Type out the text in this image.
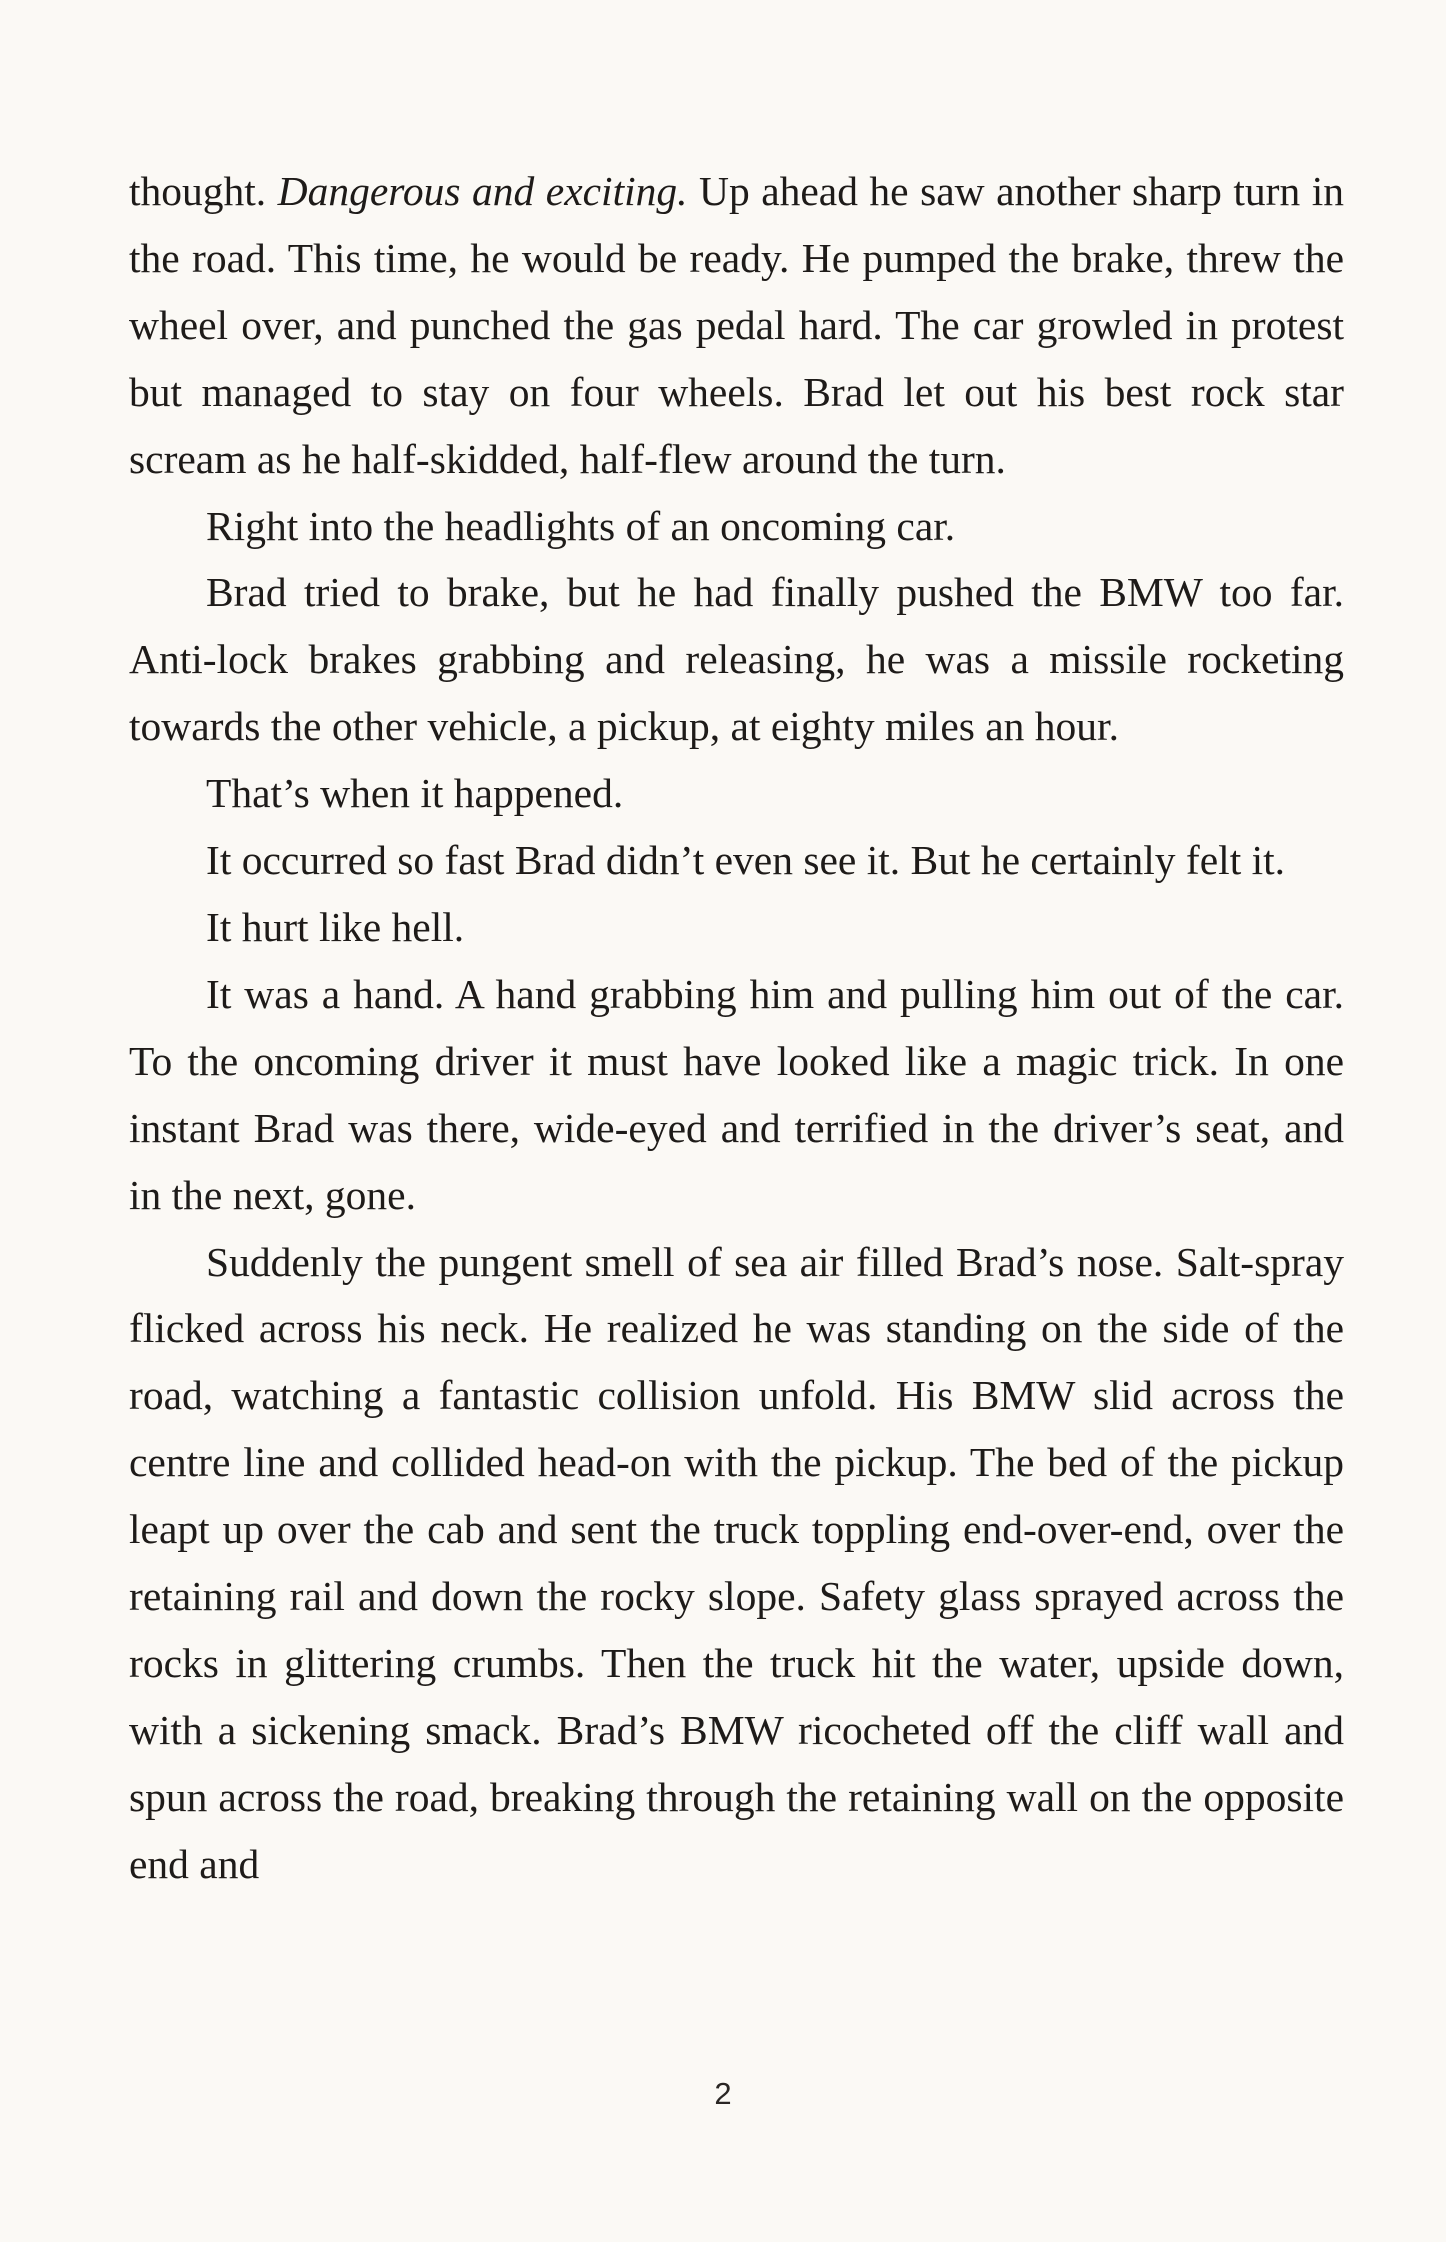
thought. Dangerous and exciting. Up ahead he saw another sharp turn in the road. This time, he would be ready. He pumped the brake, threw the wheel over, and punched the gas pedal hard. The car growled in protest but managed to stay on four wheels. Brad let out his best rock star scream as he half-skidded, half-flew around the turn.

Right into the headlights of an oncoming car.

Brad tried to brake, but he had finally pushed the BMW too far. Anti-lock brakes grabbing and releasing, he was a missile rocketing towards the other vehicle, a pickup, at eighty miles an hour.

That’s when it happened.

It occurred so fast Brad didn’t even see it. But he certainly felt it.

It hurt like hell.

It was a hand. A hand grabbing him and pulling him out of the car. To the oncoming driver it must have looked like a magic trick. In one instant Brad was there, wide-eyed and terrified in the driver’s seat, and in the next, gone.

Suddenly the pungent smell of sea air filled Brad’s nose. Salt-spray flicked across his neck. He realized he was standing on the side of the road, watching a fantastic collision unfold. His BMW slid across the centre line and collided head-on with the pickup. The bed of the pickup leapt up over the cab and sent the truck toppling end-over-end, over the retaining rail and down the rocky slope. Safety glass sprayed across the rocks in glittering crumbs. Then the truck hit the water, upside down, with a sickening smack. Brad’s BMW ricocheted off the cliff wall and spun across the road, breaking through the retaining wall on the opposite end and

2
